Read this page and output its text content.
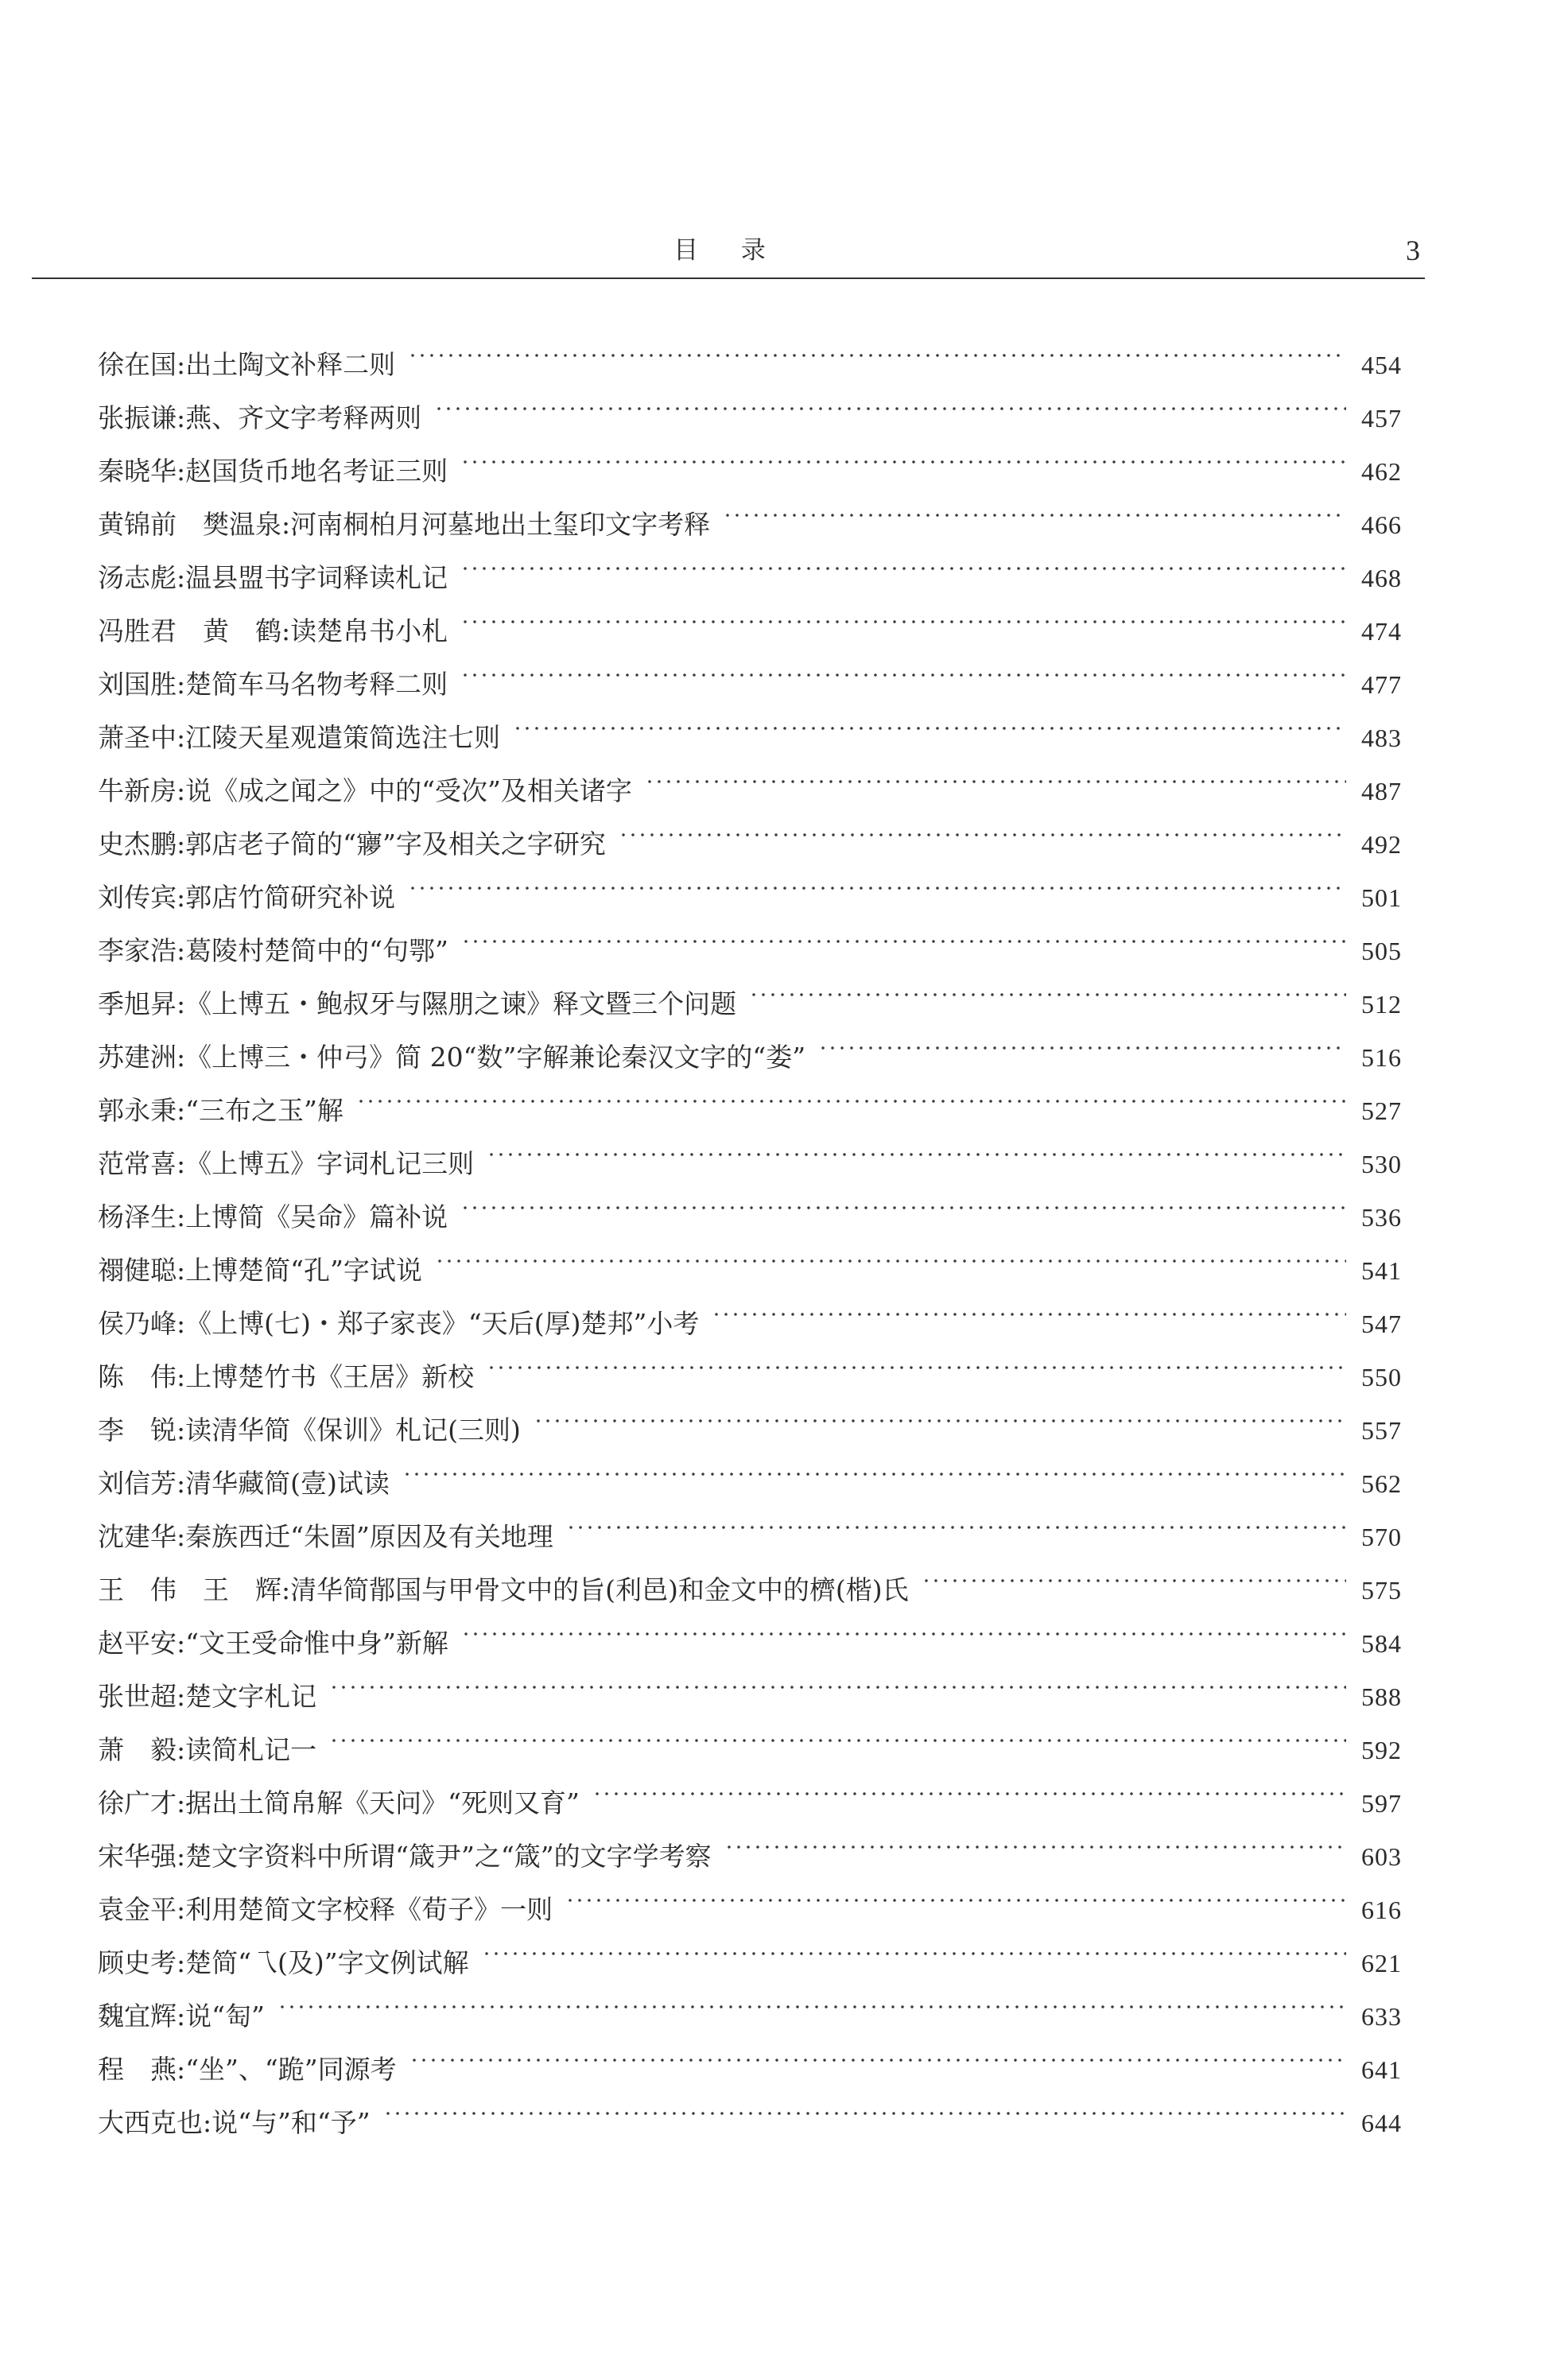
目 录	3
徐在国 : 出土陶文补释二则	454
张振谦 : 燕、齐文字考释两则	457
秦晓华 : 赵国货币地名考证三则	462
黄锦前　樊温泉 : 河南桐柏月河墓地出土玺印文字考释	466
汤志彪 : 温县盟书字词释读札记	468
冯胜君　黄　鹤 : 读楚帛书小札	474
刘国胜 : 楚简车马名物考释二则	477
萧圣中 : 江陵天星观遣策简选注七则	483
牛新房 : 说《成之闻之》中的“受次”及相关诸字	487
史杰鹏 : 郭店老子简的“㝱”字及相关之字研究	492
刘传宾 : 郭店竹简研究补说	501
李家浩 : 葛陵村楚简中的“句鄂”	505
季旭昇 : 《上博五・鲍叔牙与隰朋之谏》释文暨三个问题	512
苏建洲 : 《上博三・仲弓》简 20“数”字解兼论秦汉文字的“娄”	516
郭永秉 : “三布之玉”解	527
范常喜 : 《上博五》字词札记三则	530
杨泽生 : 上博简《吴命》篇补说	536
禤健聪 : 上博楚简“孔”字试说	541
侯乃峰 : 《上博(七)・郑子家丧》“天后(厚)楚邦”小考	547
陈　伟 : 上博楚竹书《王居》新校	550
李　锐 : 读清华简《保训》札记(三则)	557
刘信芳 : 清华藏简(壹)试读	562
沈建华 : 秦族西迁“朱圄”原因及有关地理	570
王　伟　王　辉 : 清华简鄁国与甲骨文中的旨(利邑)和金文中的櫅(楷)氏	575
赵平安 : “文王受命惟中身”新解	584
张世超 : 楚文字札记	588
萧　毅 : 读简札记一	592
徐广才 : 据出土简帛解《天问》“死则又育”	597
宋华强 : 楚文字资料中所谓“箴尹”之“箴”的文字学考察	603
袁金平 : 利用楚简文字校释《荀子》一则	616
顾史考 : 楚简“乁(及)”字文例试解	621
魏宜辉 : 说“匋”	633
程　燕 : “坐”、“跪”同源考	641
大西克也 : 说“与”和“予”	644
